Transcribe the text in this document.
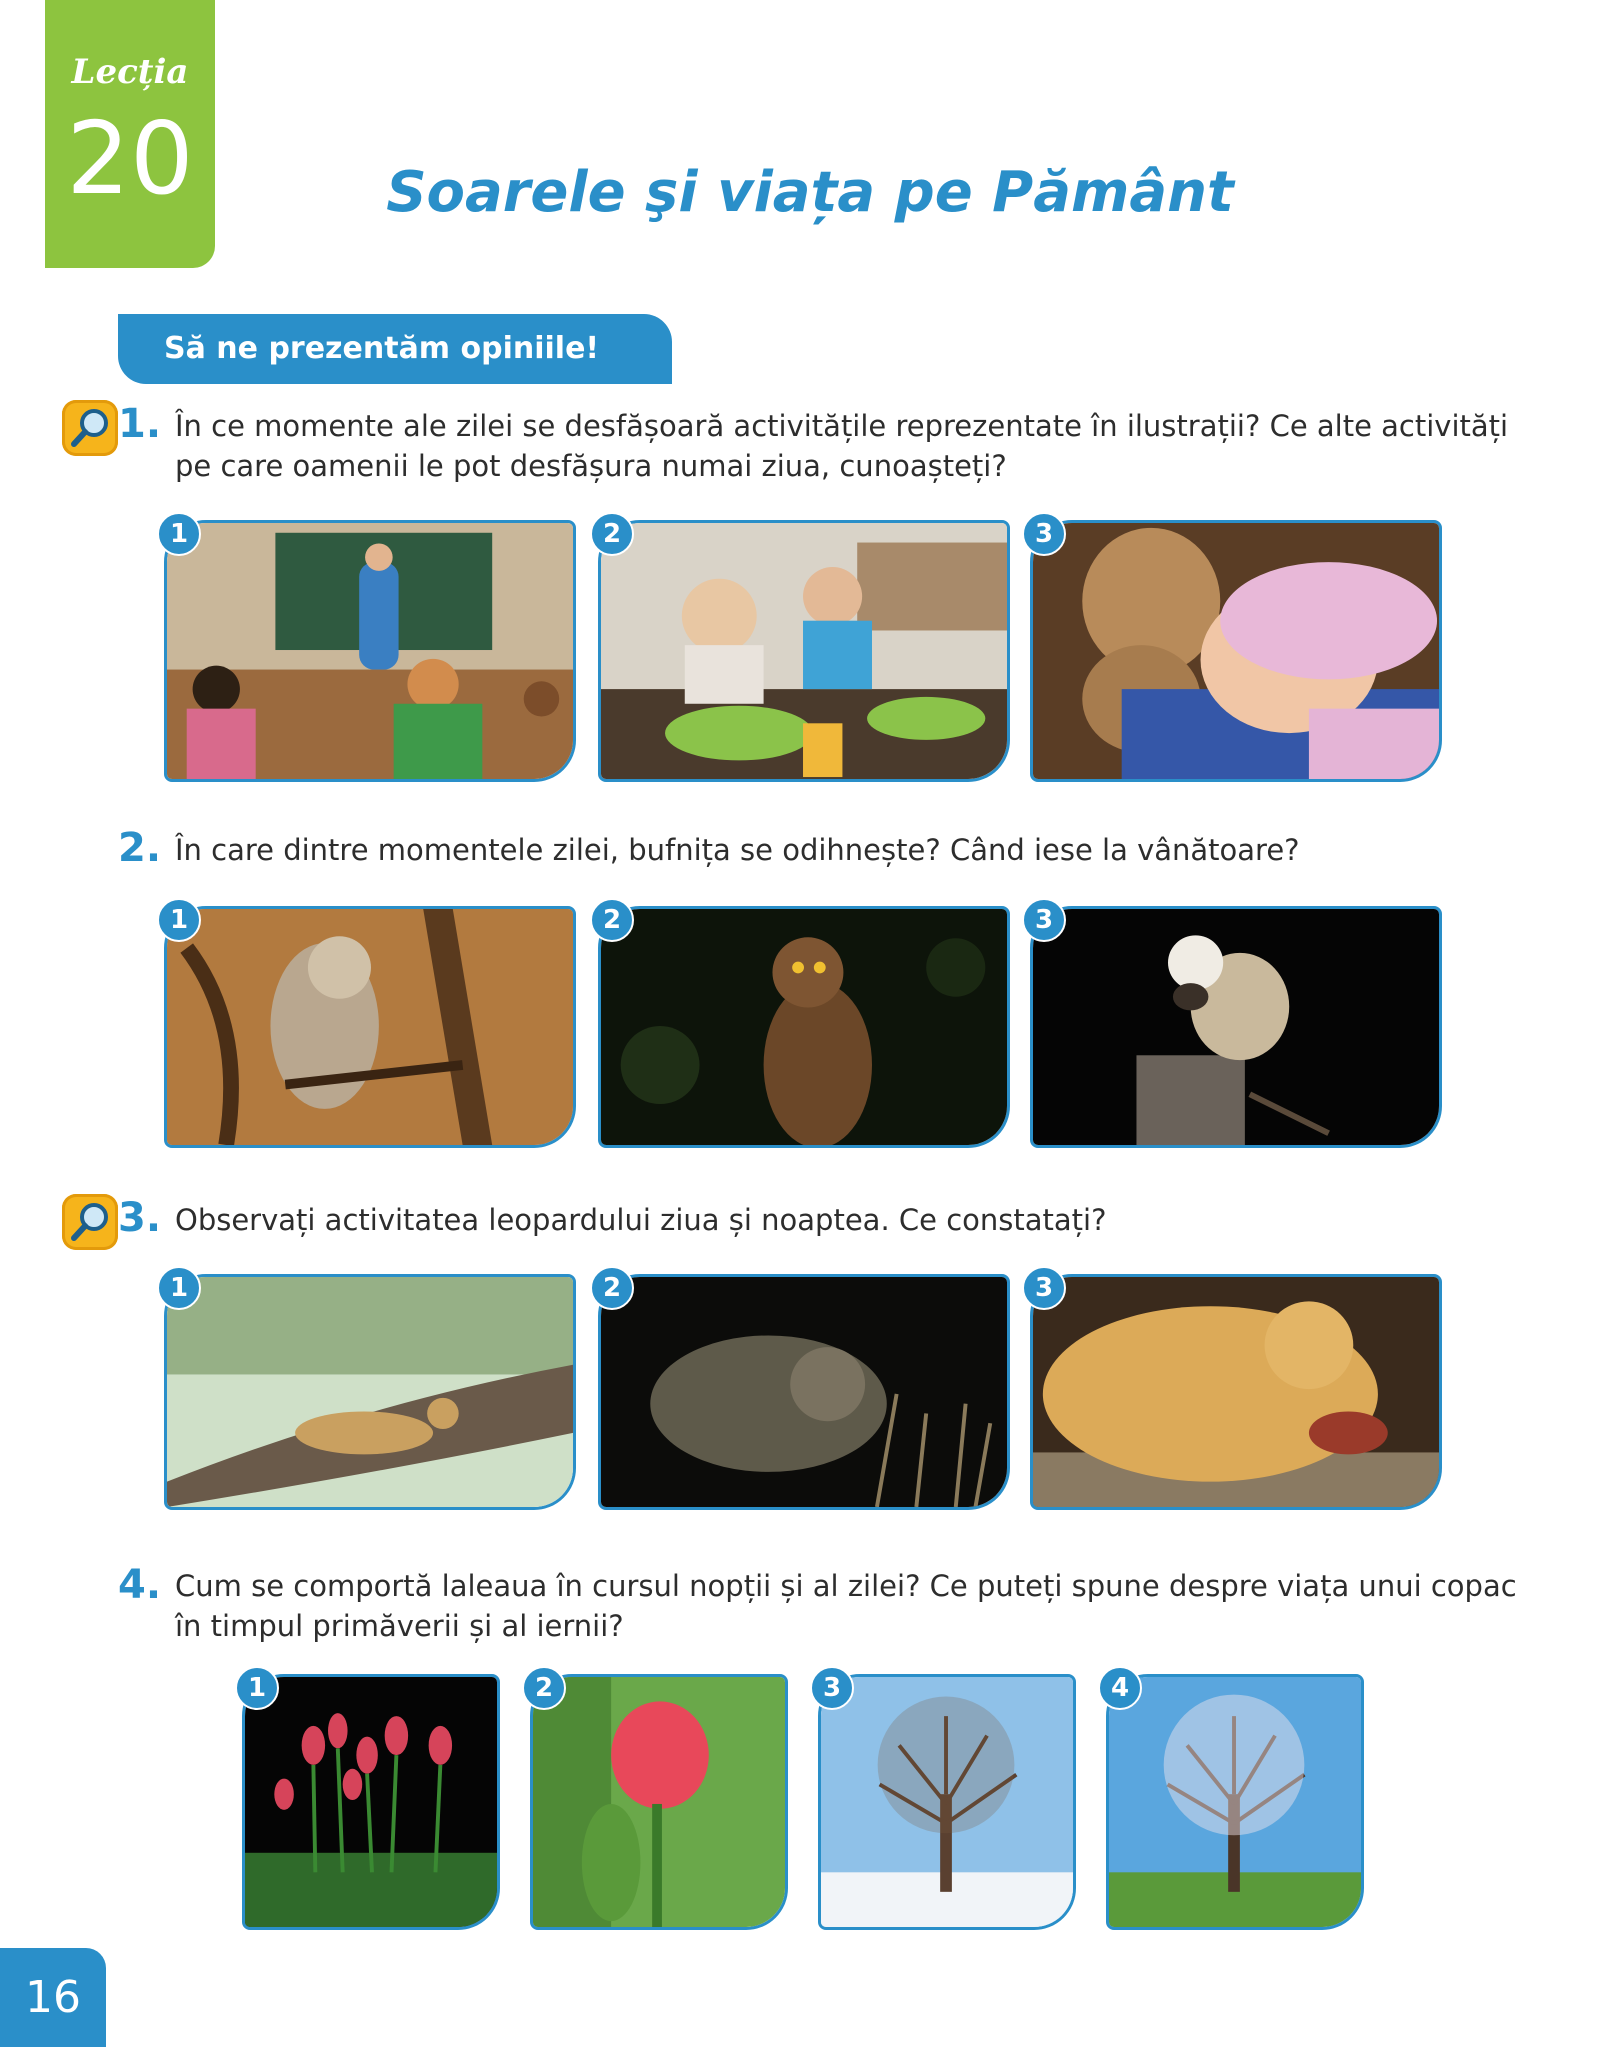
Lecția
20	Soarele şi viața pe Pământ
Să ne prezentăm opiniile!
1. În ce momente ale zilei se desfășoară activitățile reprezentate în ilustrații? Ce alte activități pe care oamenii le pot desfășura numai ziua, cunoașteți?
1	2	3
2. În care dintre momentele zilei, bufnița se odihnește? Când iese la vânătoare?
1	2	3
3. Observați activitatea leopardului ziua și noaptea. Ce constatați?
1	2	3
4. Cum se comportă laleaua în cursul nopții și al zilei? Ce puteți spune despre viața unui copac în timpul primăverii și al iernii?
1	2	3	4
16
